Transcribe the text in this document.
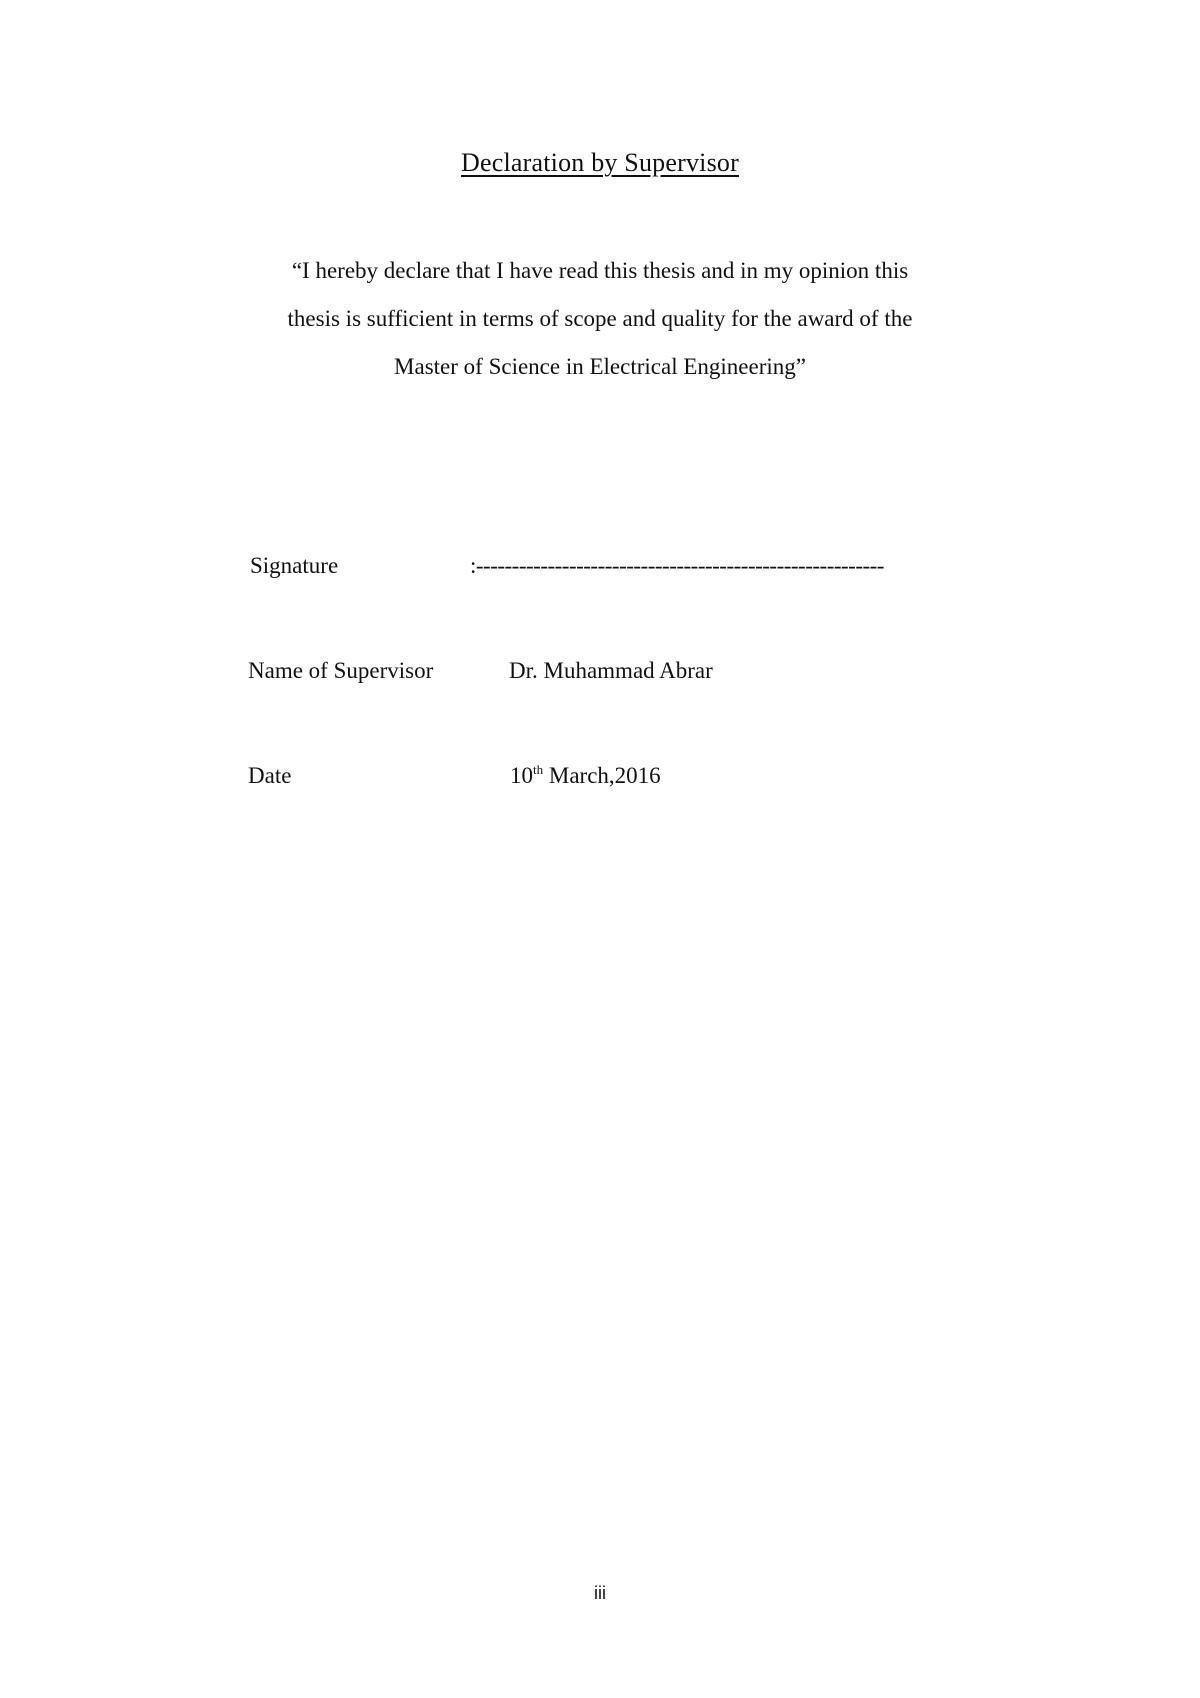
Declaration by Supervisor

“I hereby declare that I have read this thesis and in my opinion this
thesis is sufficient in terms of scope and quality for the award of the
Master of Science in Electrical Engineering”

Signature	:---------------------------------------------------------
Name of Supervisor	Dr. Muhammad Abrar
Date	10th March,2016
iii
